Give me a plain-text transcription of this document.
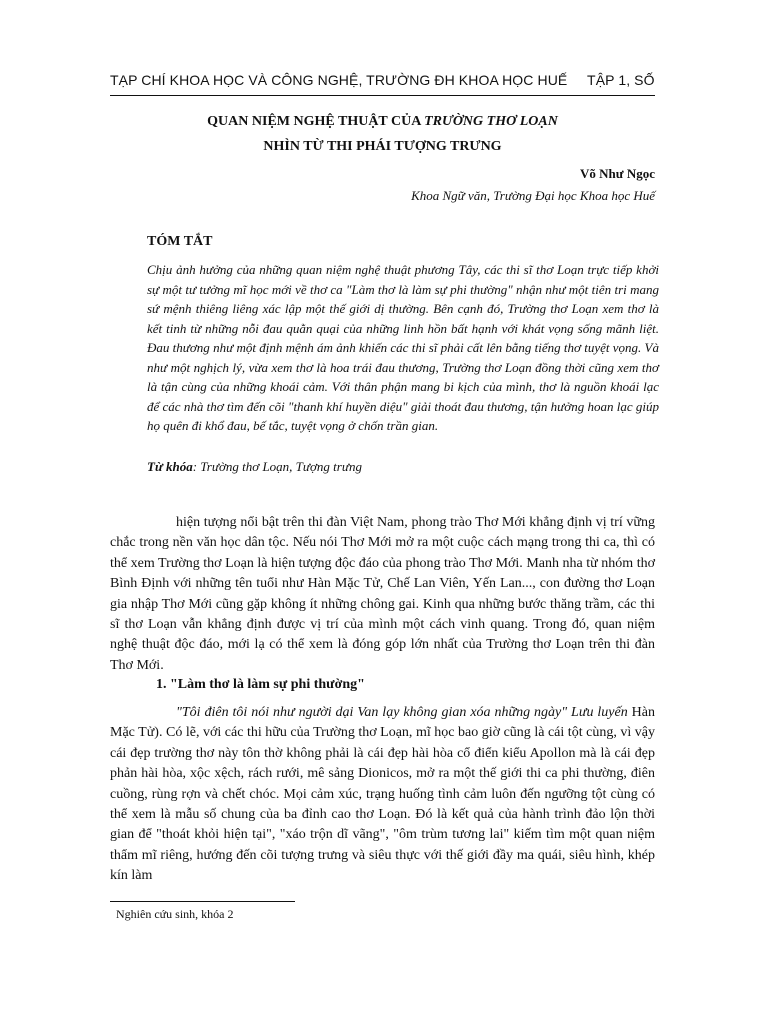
TẠP CHÍ KHOA HỌC VÀ CÔNG NGHỆ, TRƯỜNG ĐH KHOA HỌC HUẾ     TẬP 1, SỐ
QUAN NIỆM NGHỆ THUẬT CỦA TRƯỜNG THƠ LOẠN
NHÌN TỪ THI PHÁI TƯỢNG TRƯNG
Võ Như Ngọc
Khoa Ngữ văn, Trường Đại học Khoa học Huế
TÓM TẮT
Chịu ảnh hưởng của những quan niệm nghệ thuật phương Tây, các thi sĩ thơ Loạn trực tiếp khởi sự một tư tưởng mĩ học mới về thơ ca "Làm thơ là làm sự phi thường" nhận như một tiên tri mang sứ mệnh thiêng liêng xác lập một thế giới dị thường. Bên cạnh đó, Trường thơ Loạn xem thơ là kết tinh từ những nỗi đau quằn quại của những linh hồn bất hạnh với khát vọng sống mãnh liệt. Đau thương như một định mệnh ám ảnh khiến các thi sĩ phải cất lên bằng tiếng thơ tuyệt vọng. Và như một nghịch lý, vừa xem thơ là hoa trái đau thương, Trường thơ Loạn đồng thời cũng xem thơ là tận cùng của những khoái cảm. Với thân phận mang bi kịch của mình, thơ là nguồn khoái lạc để các nhà thơ tìm đến cõi "thanh khí huyền diệu" giải thoát đau thương, tận hưởng hoan lạc giúp họ quên đi khổ đau, bế tắc, tuyệt vọng ở chốn trần gian.
Từ khóa: Trường thơ Loạn, Tượng trưng
hiện tượng nổi bật trên thi đàn Việt Nam, phong trào Thơ Mới khẳng định vị trí vững chắc trong nền văn học dân tộc. Nếu nói Thơ Mới mở ra một cuộc cách mạng trong thi ca, thì có thể xem Trường thơ Loạn là hiện tượng độc đáo của phong trào Thơ Mới. Manh nha từ nhóm thơ Bình Định với những tên tuổi như Hàn Mặc Tử, Chế Lan Viên, Yến Lan..., con đường thơ Loạn gia nhập Thơ Mới cũng gặp không ít những chông gai. Kinh qua những bước thăng trầm, các thi sĩ thơ Loạn vẫn khẳng định được vị trí của mình một cách vinh quang. Trong đó, quan niệm nghệ thuật độc đáo, mới lạ có thể xem là đóng góp lớn nhất của Trường thơ Loạn trên thi đàn Thơ Mới.
1. "Làm thơ là làm sự phi thường"
"Tôi điên tôi nói như người dại Van lạy không gian xóa những ngày" Lưu luyến Hàn Mặc Tử). Có lẽ, với các thi hữu của Trường thơ Loạn, mĩ học bao giờ cũng là cái tột cùng, vì vậy cái đẹp trường thơ này tôn thờ không phải là cái đẹp hài hòa cổ điển kiểu Apollon mà là cái đẹp phản hài hòa, xộc xệch, rách rưới, mê sảng Dionicos, mở ra một thế giới thi ca phi thường, điên cuồng, rùng rợn và chết chóc. Mọi cảm xúc, trạng huống tình cảm luôn đến ngưỡng tột cùng có thể xem là mẫu số chung của ba đỉnh cao thơ Loạn. Đó là kết quả của hành trình đảo lộn thời gian để "thoát khỏi hiện tại", "xáo trộn dĩ vãng", "ôm trùm tương lai" kiếm tìm một quan niệm thẩm mĩ riêng, hướng đến cõi tượng trưng và siêu thực với thế giới đầy ma quái, siêu hình, khép kín làm
Nghiên cứu sinh, khóa 2
